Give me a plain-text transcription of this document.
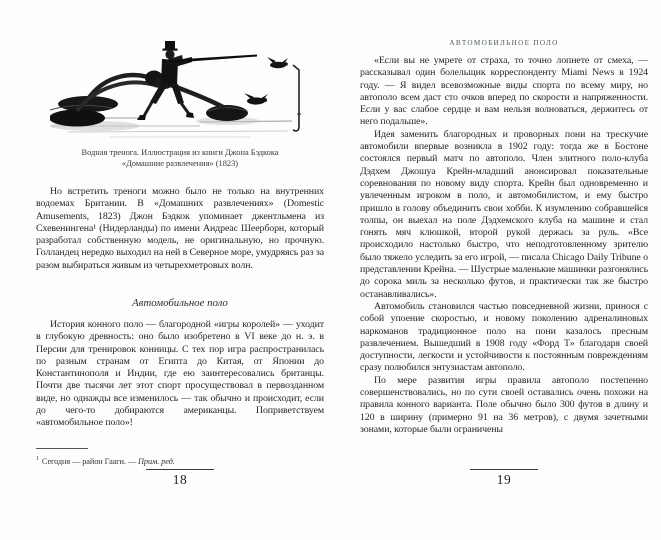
Водная тренога. Иллюстрация из книги Джона Бэдкока
«Домашние развлечения» (1823)

Но встретить треноги можно было не только на внутренних водоемах Британии. В «Домашних развлечениях» (Domestic Amusements, 1823) Джон Бэдкок упоминает джентльмена из Схевенингена¹ (Нидерланды) по имени Андреас Шеерборн, который разработал собственную модель, не оригинальную, но прочную. Голландец нередко выходил на ней в Северное море, умудряясь раз за разом выбираться живым из четырехметровых волн.

Автомобильное поло

История конного поло — благородной «игры королей» — уходит в глубокую древность: оно было изобретено в VI веке до н. э. в Персии для тренировок конницы. С тех пор игра распространилась по разным странам от Египта до Китая, от Японии до Константинополя и Индии, где ею заинтересовались британцы. Почти две тысячи лет этот спорт просуществовал в первозданном виде, но однажды все изменилось — так обычно и происходит, если до чего-то добираются американцы. Поприветствуем «автомобильное поло»!

$^1$ Сегодня — район Гааги. — Прим. ред.

18
АВТОМОБИЛЬНОЕ ПОЛО

«Если вы не умрете от страха, то точно лопнете от смеха, — рассказывал один болельщик корреспонденту Miami News в 1924 году. — Я видел всевозможные виды спорта по всему миру, но автополо всем даст сто очков вперед по скорости и напряженности. Если у вас слабое сердце и вам нельзя волноваться, держитесь от него подальше».

Идея заменить благородных и проворных пони на трескучие автомобили впервые возникла в 1902 году: тогда же в Бостоне состоялся первый матч по автополо. Член элитного поло-клуба Дэдхем Джошуа Крейн-младший анонсировал показательные соревнования по новому виду спорта. Крейн был одновременно и увлеченным игроком в поло, и автомобилистом, и ему быстро пришло в голову объединить свои хобби. К изумлению собравшейся толпы, он выехал на поле Дэдхемского клуба на машине и стал гонять мяч клюшкой, второй рукой держась за руль. «Все происходило настолько быстро, что неподготовленному зрителю было тяжело уследить за его игрой, — писала Chicago Daily Tribune о представлении Крейна. — Шустрые маленькие машинки разгонялись до сорока миль за несколько футов, и практически так же быстро останавливались».

Автомобиль становился частью повседневной жизни, принося с собой упоение скоростью, и новому поколению адреналиновых наркоманов традиционное поло на пони казалось пресным развлечением. Вышедший в 1908 году «Форд Т» благодаря своей доступности, легкости и устойчивости к постоянным повреждениям сразу полюбился энтузиастам автополо.

По мере развития игры правила автополо постепенно совершенствовались, но по сути своей оставались очень похожи на правила конного варианта. Поле обычно было 300 футов в длину и 120 в ширину (примерно 91 на 36 метров), с двумя зачетными зонами, которые были ограничены

19
